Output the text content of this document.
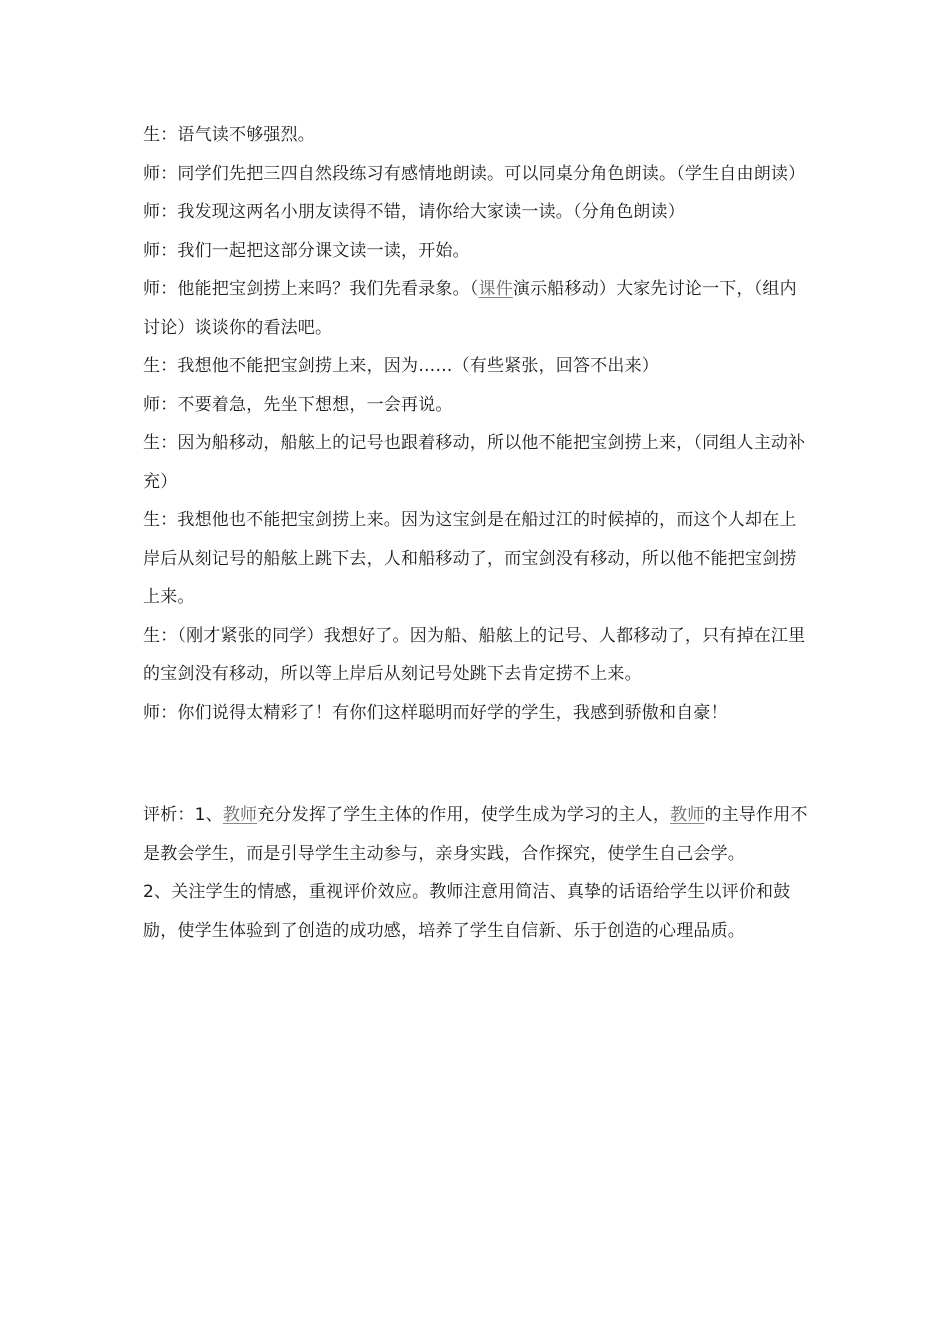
生：语气读不够强烈。

师：同学们先把三四自然段练习有感情地朗读。可以同桌分角色朗读。（学生自由朗读）

师：我发现这两名小朋友读得不错，请你给大家读一读。（分角色朗读）

师：我们一起把这部分课文读一读，开始。

师：他能把宝剑捞上来吗？我们先看录象。（课件演示船移动）大家先讨论一下，（组内讨论）谈谈你的看法吧。

生：我想他不能把宝剑捞上来，因为……（有些紧张，回答不出来）

师：不要着急，先坐下想想，一会再说。

生：因为船移动，船舷上的记号也跟着移动，所以他不能把宝剑捞上来，（同组人主动补充）

生：我想他也不能把宝剑捞上来。因为这宝剑是在船过江的时候掉的，而这个人却在上岸后从刻记号的船舷上跳下去，人和船移动了，而宝剑没有移动，所以他不能把宝剑捞上来。

生：（刚才紧张的同学）我想好了。因为船、船舷上的记号、人都移动了，只有掉在江里的宝剑没有移动，所以等上岸后从刻记号处跳下去肯定捞不上来。

师：你们说得太精彩了！有你们这样聪明而好学的学生，我感到骄傲和自豪！

评析：1、教师充分发挥了学生主体的作用，使学生成为学习的主人，教师的主导作用不是教会学生，而是引导学生主动参与，亲身实践，合作探究，使学生自己会学。

2、关注学生的情感，重视评价效应。教师注意用简洁、真挚的话语给学生以评价和鼓励，使学生体验到了创造的成功感，培养了学生自信新、乐于创造的心理品质。
